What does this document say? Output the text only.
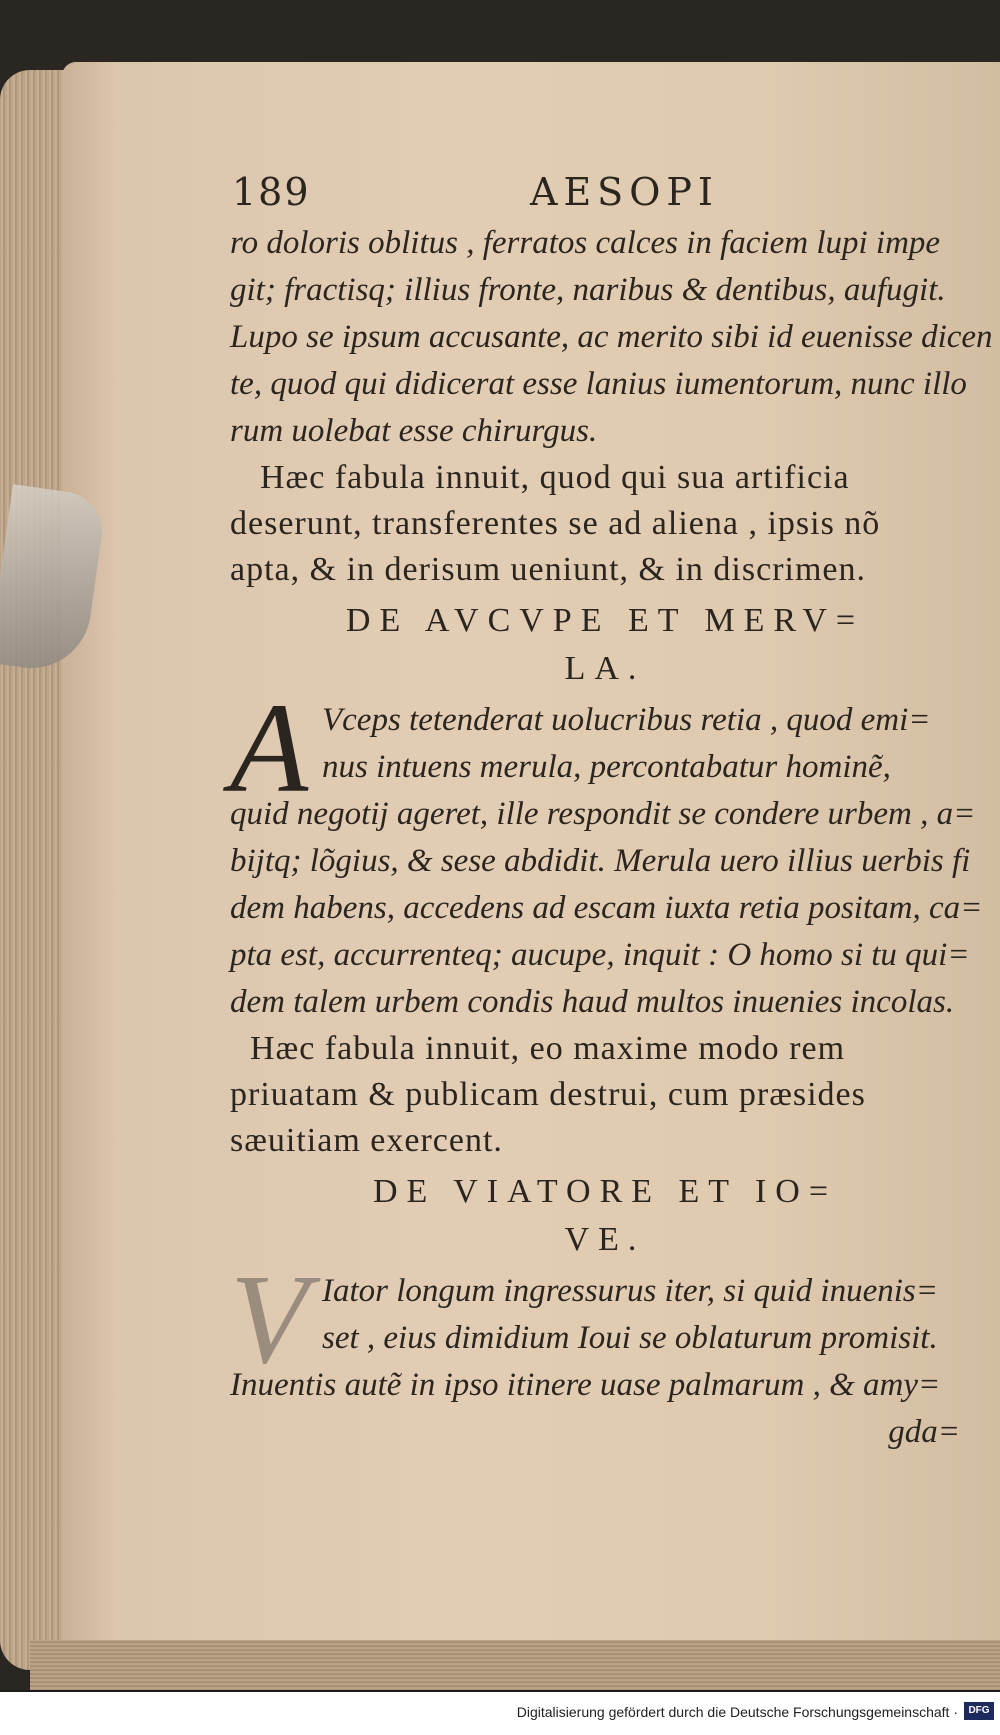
189	AESOPI
ro doloris oblitus , ferratos calces in faciem lupi impe
git; fractisq; illius fronte, naribus & dentibus, aufugit.
Lupo se ipsum accusante, ac merito sibi id euenisse dicen
te, quod qui didicerat esse lanius iumentorum, nunc illo
rum uolebat esse chirurgus.
Hæc fabula innuit, quod qui sua artificia
deserunt, transferentes se ad aliena , ipsis nõ
apta, & in derisum ueniunt, & in discrimen.
DE AVCVPE ET MERV=
LA.
A Vceps tetenderat uolucribus retia , quod emi=
nus intuens merula, percontabatur hominẽ,
quid negotij ageret, ille respondit se condere urbem , a=
bijtq; lõgius, & sese abdidit. Merula uero illius uerbis fi
dem habens, accedens ad escam iuxta retia positam, ca=
pta est, accurrenteq; aucupe, inquit : O homo si tu qui=
dem talem urbem condis haud multos inuenies incolas.
Hæc fabula innuit, eo maxime modo rem
priuatam & publicam destrui, cum præsides
sæuitiam exercent.
DE VIATORE ET IO=
VE.
V Iator longum ingressurus iter, si quid inuenis=
set , eius dimidium Ioui se oblaturum promisit.
Inuentis autẽ in ipso itinere uase palmarum , & amy=
gda=
Digitalisierung gefördert durch die Deutsche Forschungsgemeinschaft ·	DFG
